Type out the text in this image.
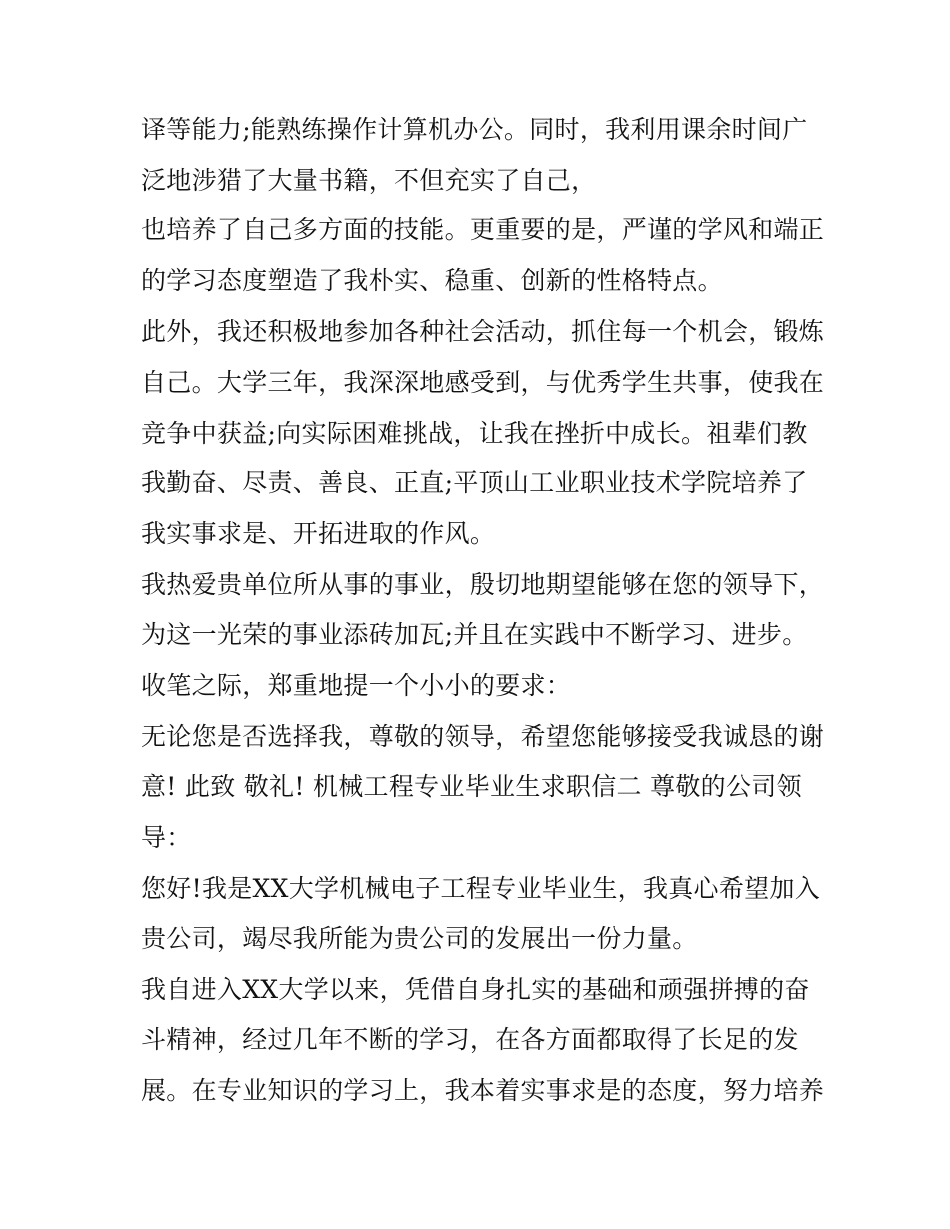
译等能力;能熟练操作计算机办公。同时，我利用课余时间广
泛地涉猎了大量书籍，不但充实了自己，
也培养了自己多方面的技能。更重要的是，严谨的学风和端正
的学习态度塑造了我朴实、稳重、创新的性格特点。
此外，我还积极地参加各种社会活动，抓住每一个机会，锻炼
自己。大学三年，我深深地感受到，与优秀学生共事，使我在
竞争中获益;向实际困难挑战，让我在挫折中成长。祖辈们教
我勤奋、尽责、善良、正直;平顶山工业职业技术学院培养了
我实事求是、开拓进取的作风。
我热爱贵单位所从事的事业，殷切地期望能够在您的领导下，
为这一光荣的事业添砖加瓦;并且在实践中不断学习、进步。
收笔之际，郑重地提一个小小的要求：
无论您是否选择我，尊敬的领导，希望您能够接受我诚恳的谢
意! 此致 敬礼! 机械工程专业毕业生求职信二 尊敬的公司领
导：
您好!我是XX大学机械电子工程专业毕业生，我真心希望加入
贵公司，竭尽我所能为贵公司的发展出一份力量。
我自进入XX大学以来，凭借自身扎实的基础和顽强拼搏的奋
斗精神，经过几年不断的学习，在各方面都取得了长足的发
展。在专业知识的学习上，我本着实事求是的态度，努力培养
